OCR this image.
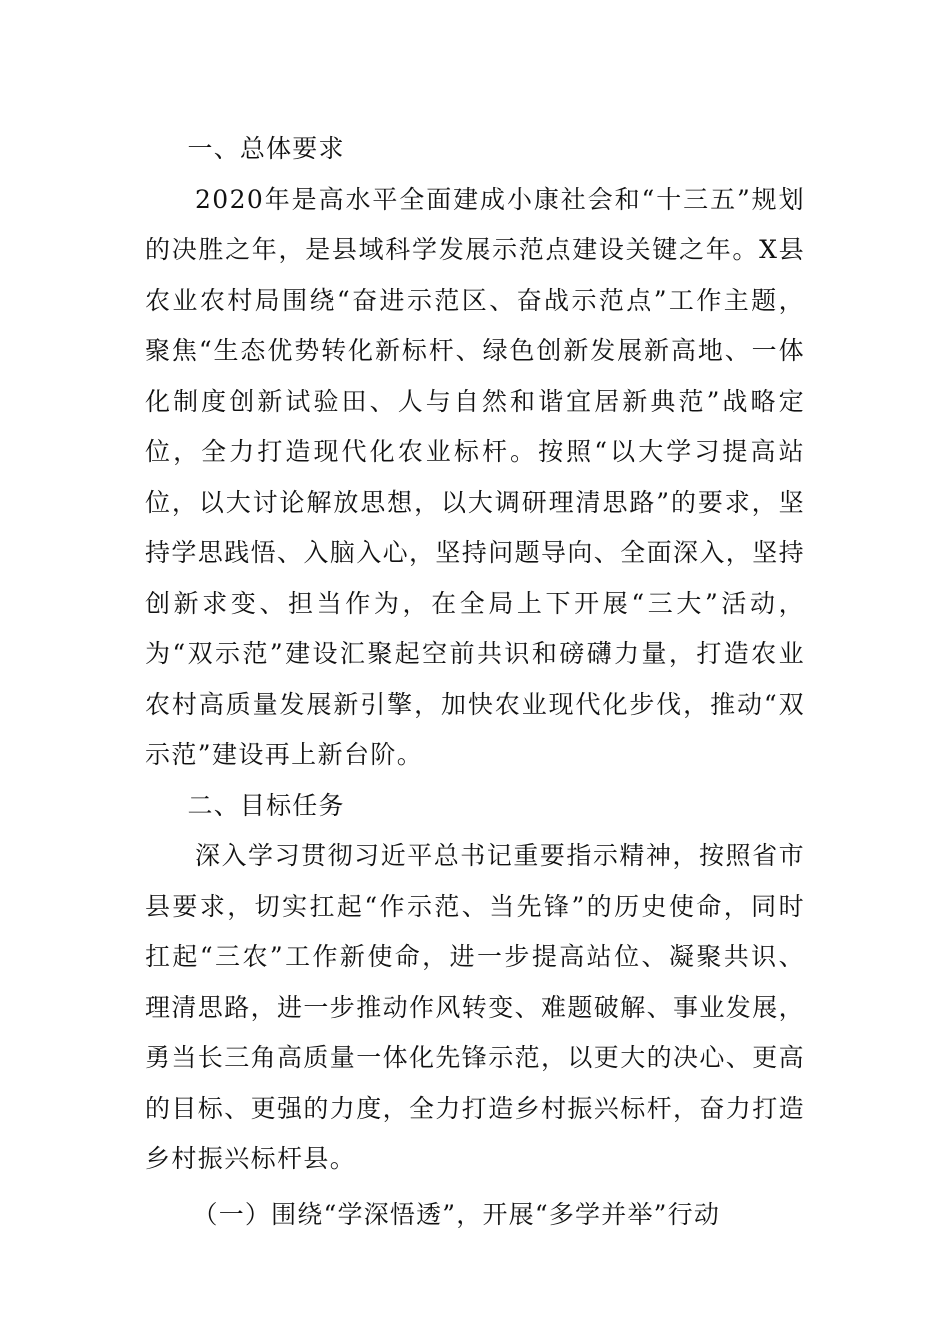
一、总体要求

2020年是高水平全面建成小康社会和“十三五”规划的决胜之年，是县域科学发展示范点建设关键之年。X县农业农村局围绕“奋进示范区、奋战示范点”工作主题，聚焦“生态优势转化新标杆、绿色创新发展新高地、一体化制度创新试验田、人与自然和谐宜居新典范”战略定位，全力打造现代化农业标杆。按照“以大学习提高站位，以大讨论解放思想，以大调研理清思路”的要求，坚持学思践悟、入脑入心，坚持问题导向、全面深入，坚持创新求变、担当作为，在全局上下开展“三大”活动，为“双示范”建设汇聚起空前共识和磅礴力量，打造农业农村高质量发展新引擎，加快农业现代化步伐，推动“双示范”建设再上新台阶。

二、目标任务

深入学习贯彻习近平总书记重要指示精神，按照省市县要求，切实扛起“作示范、当先锋”的历史使命，同时扛起“三农”工作新使命，进一步提高站位、凝聚共识、理清思路，进一步推动作风转变、难题破解、事业发展，勇当长三角高质量一体化先锋示范，以更大的决心、更高的目标、更强的力度，全力打造乡村振兴标杆，奋力打造乡村振兴标杆县。

（一）围绕“学深悟透”，开展“多学并举”行动
